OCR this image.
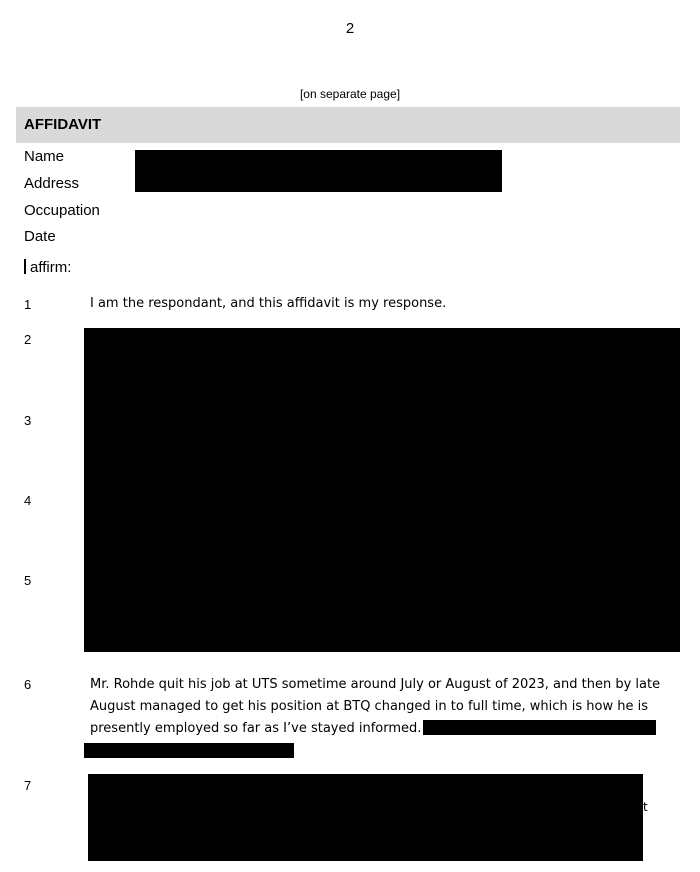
2
[on separate page]
AFFIDAVIT
Name
Address
Occupation
Date
affirm:
1	I am the respondant, and this affidavit is my response.
2
3
4
5
6	Mr. Rohde quit his job at UTS sometime around July or August of 2023, and then by late August managed to get his position at BTQ changed in to full time, which is how he is presently employed so far as I’ve stayed informed.
7
t
